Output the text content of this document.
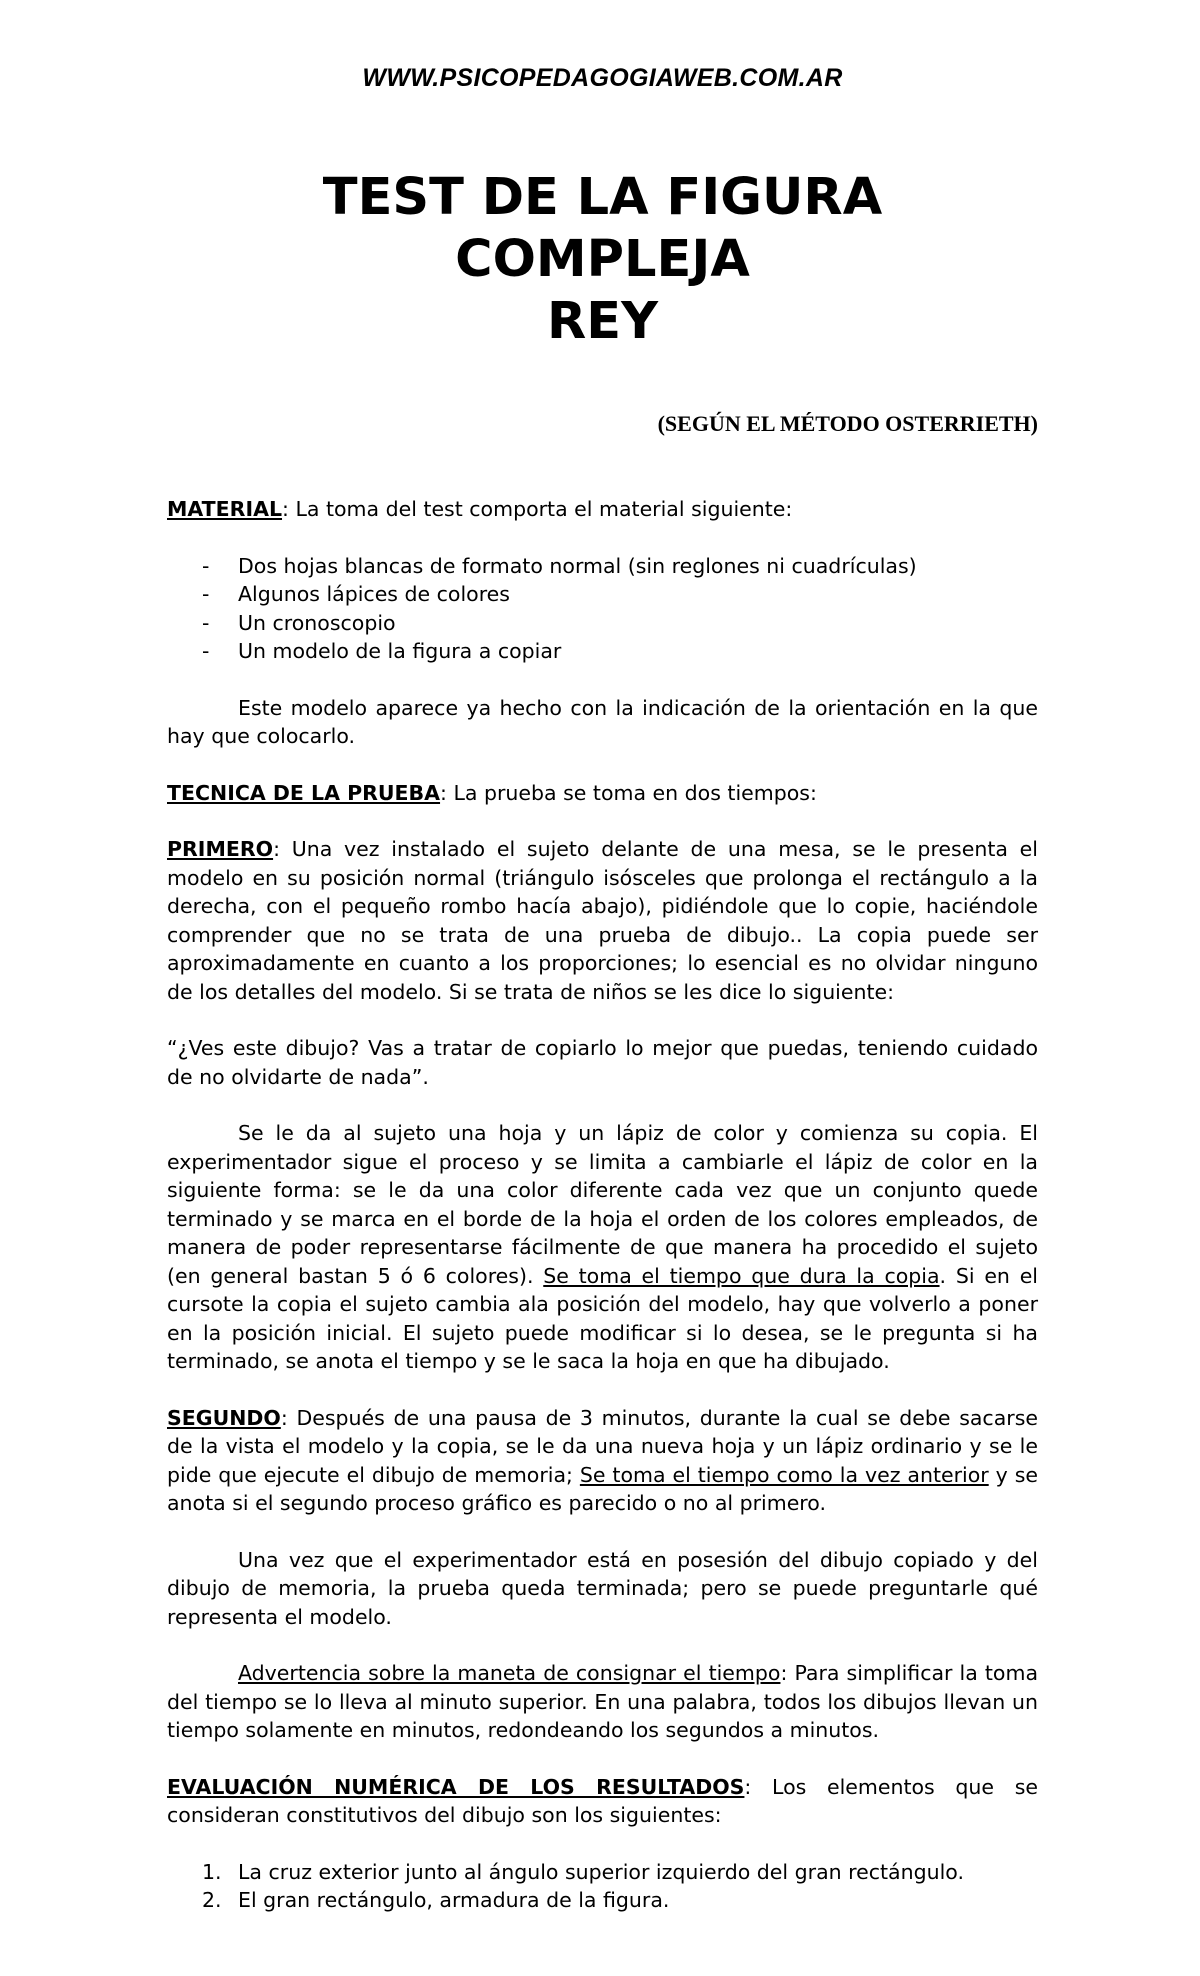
WWW.PSICOPEDAGOGIAWEB.COM.AR
TEST DE LA FIGURA COMPLEJA
REY
(SEGÚN EL MÉTODO OSTERRIETH)

MATERIAL: La toma del test comporta el material siguiente:

- Dos hojas blancas de formato normal (sin reglones ni cuadrículas)
- Algunos lápices de colores
- Un cronoscopio
- Un modelo de la figura a copiar

Este modelo aparece ya hecho con la indicación de la orientación en la que hay que colocarlo.

TECNICA DE LA PRUEBA: La prueba se toma en dos tiempos:

PRIMERO: Una vez instalado el sujeto delante de una mesa, se le presenta el modelo en su posición normal (triángulo isósceles que prolonga el rectángulo a la derecha, con el pequeño rombo hacía abajo), pidiéndole que lo copie, haciéndole comprender que no se trata de una prueba de dibujo.. La copia puede ser aproximadamente en cuanto a los proporciones; lo esencial es no olvidar ninguno de los detalles del modelo. Si se trata de niños se les dice lo siguiente:

“¿Ves este dibujo? Vas a tratar de copiarlo lo mejor que puedas, teniendo cuidado de no olvidarte de nada”.

Se le da al sujeto una hoja y un lápiz de color y comienza su copia. El experimentador sigue el proceso y se limita a cambiarle el lápiz de color en la siguiente forma: se le da una color diferente cada vez que un conjunto quede terminado y se marca en el borde de la hoja el orden de los colores empleados, de manera de poder representarse fácilmente de que manera ha procedido el sujeto (en general bastan 5 ó 6 colores). Se toma el tiempo que dura la copia. Si en el cursote la copia el sujeto cambia ala posición del modelo, hay que volverlo a poner en la posición inicial. El sujeto puede modificar si lo desea, se le pregunta si ha terminado, se anota el tiempo y se le saca la hoja en que ha dibujado.

SEGUNDO: Después de una pausa de 3 minutos, durante la cual se debe sacarse de la vista el modelo y la copia, se le da una nueva hoja y un lápiz ordinario y se le pide que ejecute el dibujo de memoria; Se toma el tiempo como la vez anterior y se anota si el segundo proceso gráfico es parecido o no al primero.

Una vez que el experimentador está en posesión del dibujo copiado y del dibujo de memoria, la prueba queda terminada; pero se puede preguntarle qué representa el modelo.

Advertencia sobre la maneta de consignar el tiempo: Para simplificar la toma del tiempo se lo lleva al minuto superior. En una palabra, todos los dibujos llevan un tiempo solamente en minutos, redondeando los segundos a minutos.

EVALUACIÓN NUMÉRICA DE LOS RESULTADOS: Los elementos que se consideran constitutivos del dibujo son los siguientes:

1. La cruz exterior junto al ángulo superior izquierdo del gran rectángulo.
2. El gran rectángulo, armadura de la figura.
